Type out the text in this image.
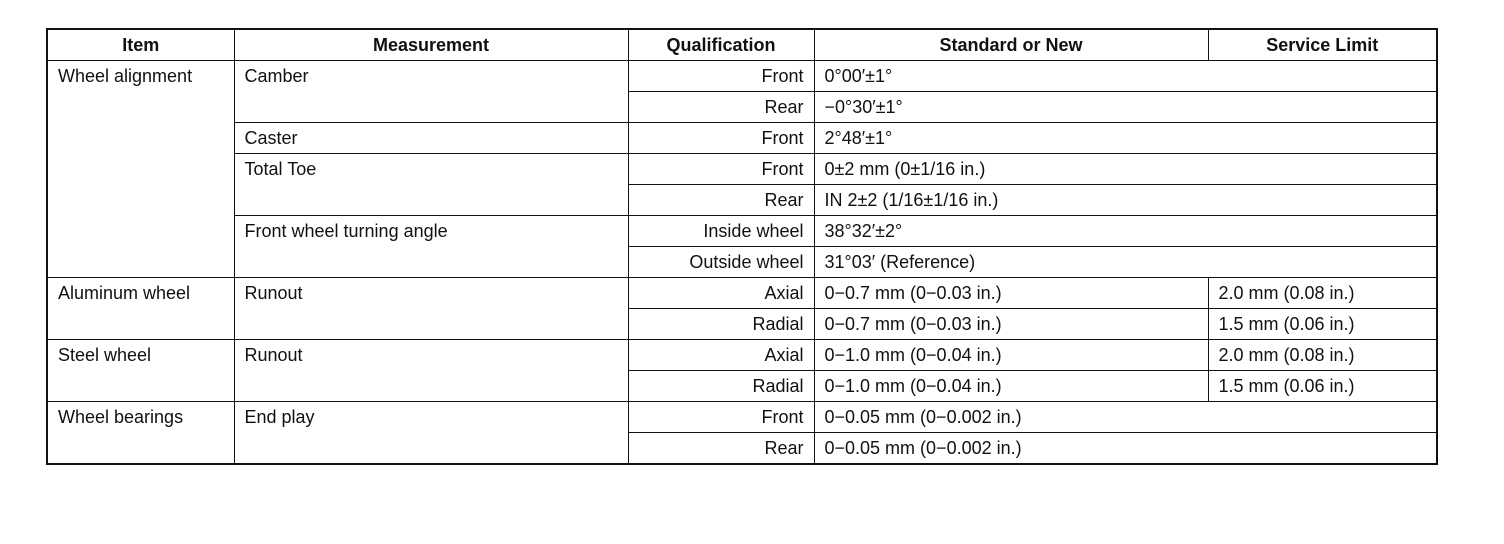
Item	Measurement	Qualification	Standard or New	Service Limit
Wheel alignment	Camber	Front	0°00′±1°	
		Rear	−0°30′±1°	
	Caster	Front	2°48′±1°	
	Total Toe	Front	0±2 mm (0±1/16 in.)	
		Rear	IN 2±2 (1/16±1/16 in.)	
	Front wheel turning angle	Inside wheel	38°32′±2°	
		Outside wheel	31°03′ (Reference)	
Aluminum wheel	Runout	Axial	0−0.7 mm (0−0.03 in.)	2.0 mm (0.08 in.)
		Radial	0−0.7 mm (0−0.03 in.)	1.5 mm (0.06 in.)
Steel wheel	Runout	Axial	0−1.0 mm (0−0.04 in.)	2.0 mm (0.08 in.)
		Radial	0−1.0 mm (0−0.04 in.)	1.5 mm (0.06 in.)
Wheel bearings	End play	Front	0−0.05 mm (0−0.002 in.)	
		Rear	0−0.05 mm (0−0.002 in.)	
